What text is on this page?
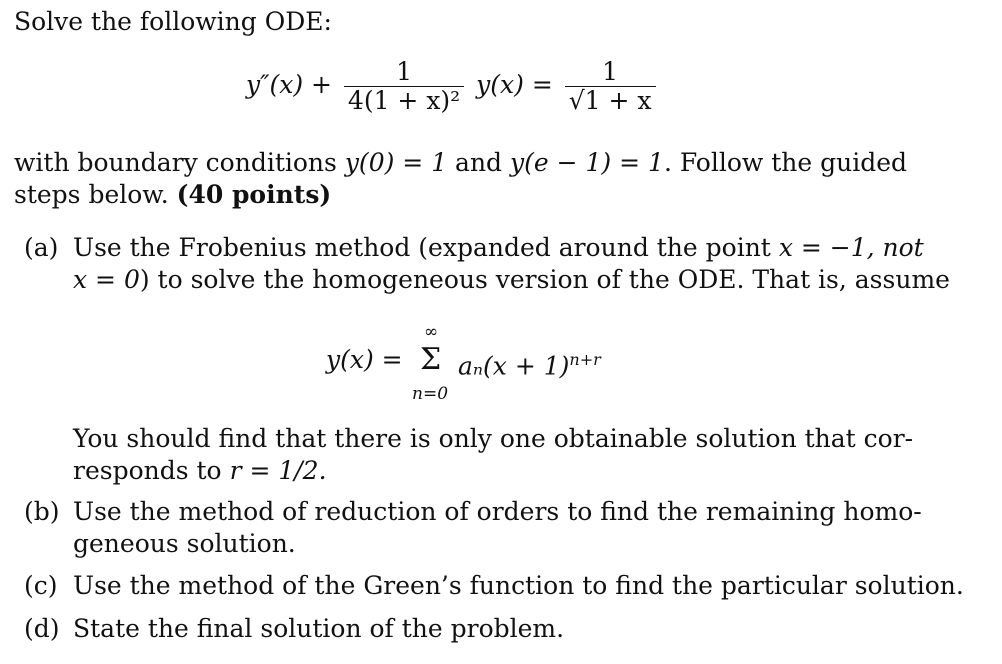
Solve the following ODE:
$y''(x) + \frac{1}{\text{4(1 + x)²}} y(x) = \frac{1}{√1 + x}$
with boundary conditions y(0) = 1 and y(e − 1) = 1. Follow the guided
steps below. (40 points)
(a) Use the Frobenius method (expanded around the point x = −1, not
x = 0) to solve the homogeneous version of the ODE. That is, assume
y(x) =
∞
Σ
n=0
$a_n(x + 1)^{n+r}$
You should find that there is only one obtainable solution that cor-
responds to r = 1/2.
(b) Use the method of reduction of orders to find the remaining homo-
geneous solution.
(c) Use the method of the Green’s function to find the particular solution.
(d) State the final solution of the problem.
